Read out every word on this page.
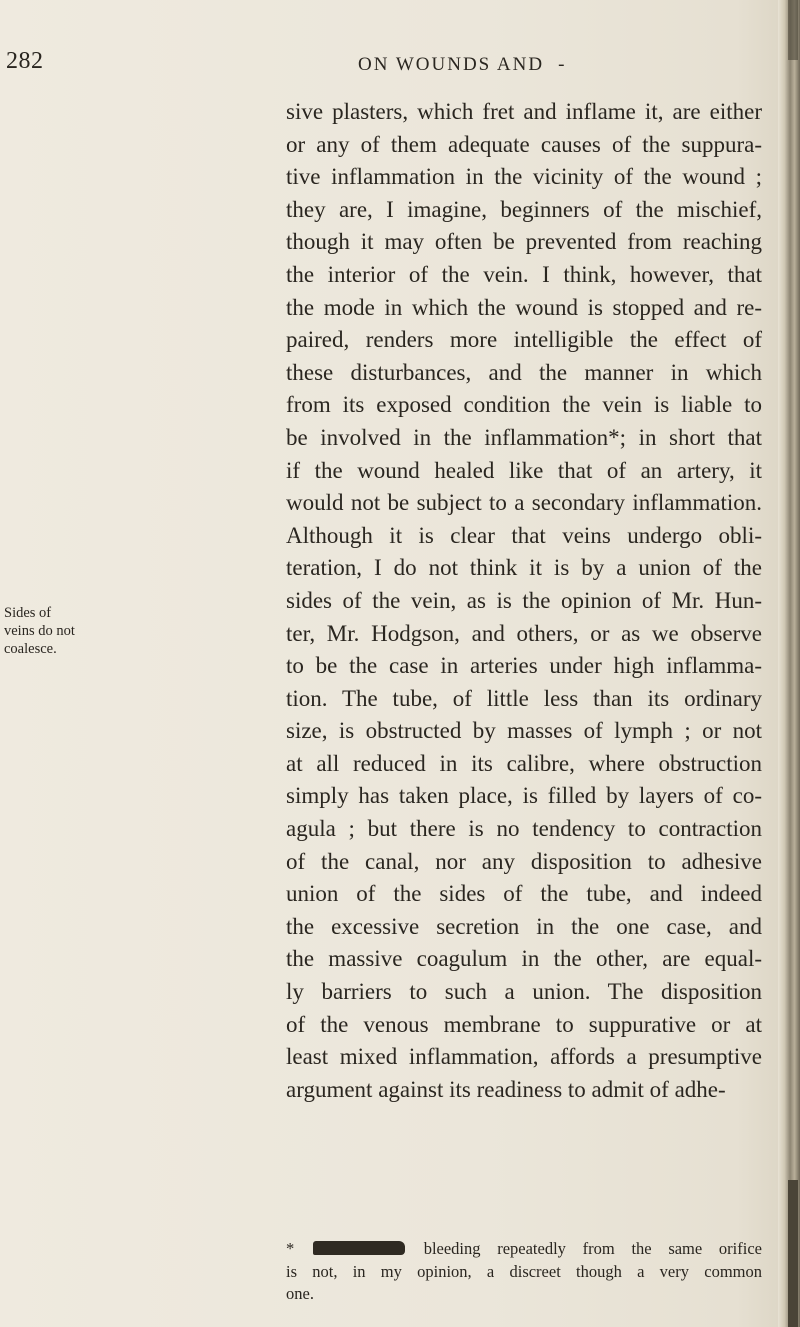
282	ON WOUNDS AND -
Sides of
veins do not
coalesce.
sive plasters, which fret and inflame it, are either
or any of them adequate causes of the suppura-
tive inflammation in the vicinity of the wound ;
they are, I imagine, beginners of the mischief,
though it may often be prevented from reaching
the interior of the vein. I think, however, that
the mode in which the wound is stopped and re-
paired, renders more intelligible the effect of
these disturbances, and the manner in which
from its exposed condition the vein is liable to
be involved in the inflammation*; in short that
if the wound healed like that of an artery, it
would not be subject to a secondary inflammation.
Although it is clear that veins undergo obli-
teration, I do not think it is by a union of the
sides of the vein, as is the opinion of Mr. Hun-
ter, Mr. Hodgson, and others, or as we observe
to be the case in arteries under high inflamma-
tion. The tube, of little less than its ordinary
size, is obstructed by masses of lymph ; or not
at all reduced in its calibre, where obstruction
simply has taken place, is filled by layers of co-
agula ; but there is no tendency to contraction
of the canal, nor any disposition to adhesive
union of the sides of the tube, and indeed
the excessive secretion in the one case, and
the massive coagulum in the other, are equal-
ly barriers to such a union. The disposition
of the venous membrane to suppurative or at
least mixed inflammation, affords a presumptive
argument against its readiness to admit of adhe-
*	bleeding repeatedly from the same orifice
is not, in my opinion, a discreet though a very common
one.
